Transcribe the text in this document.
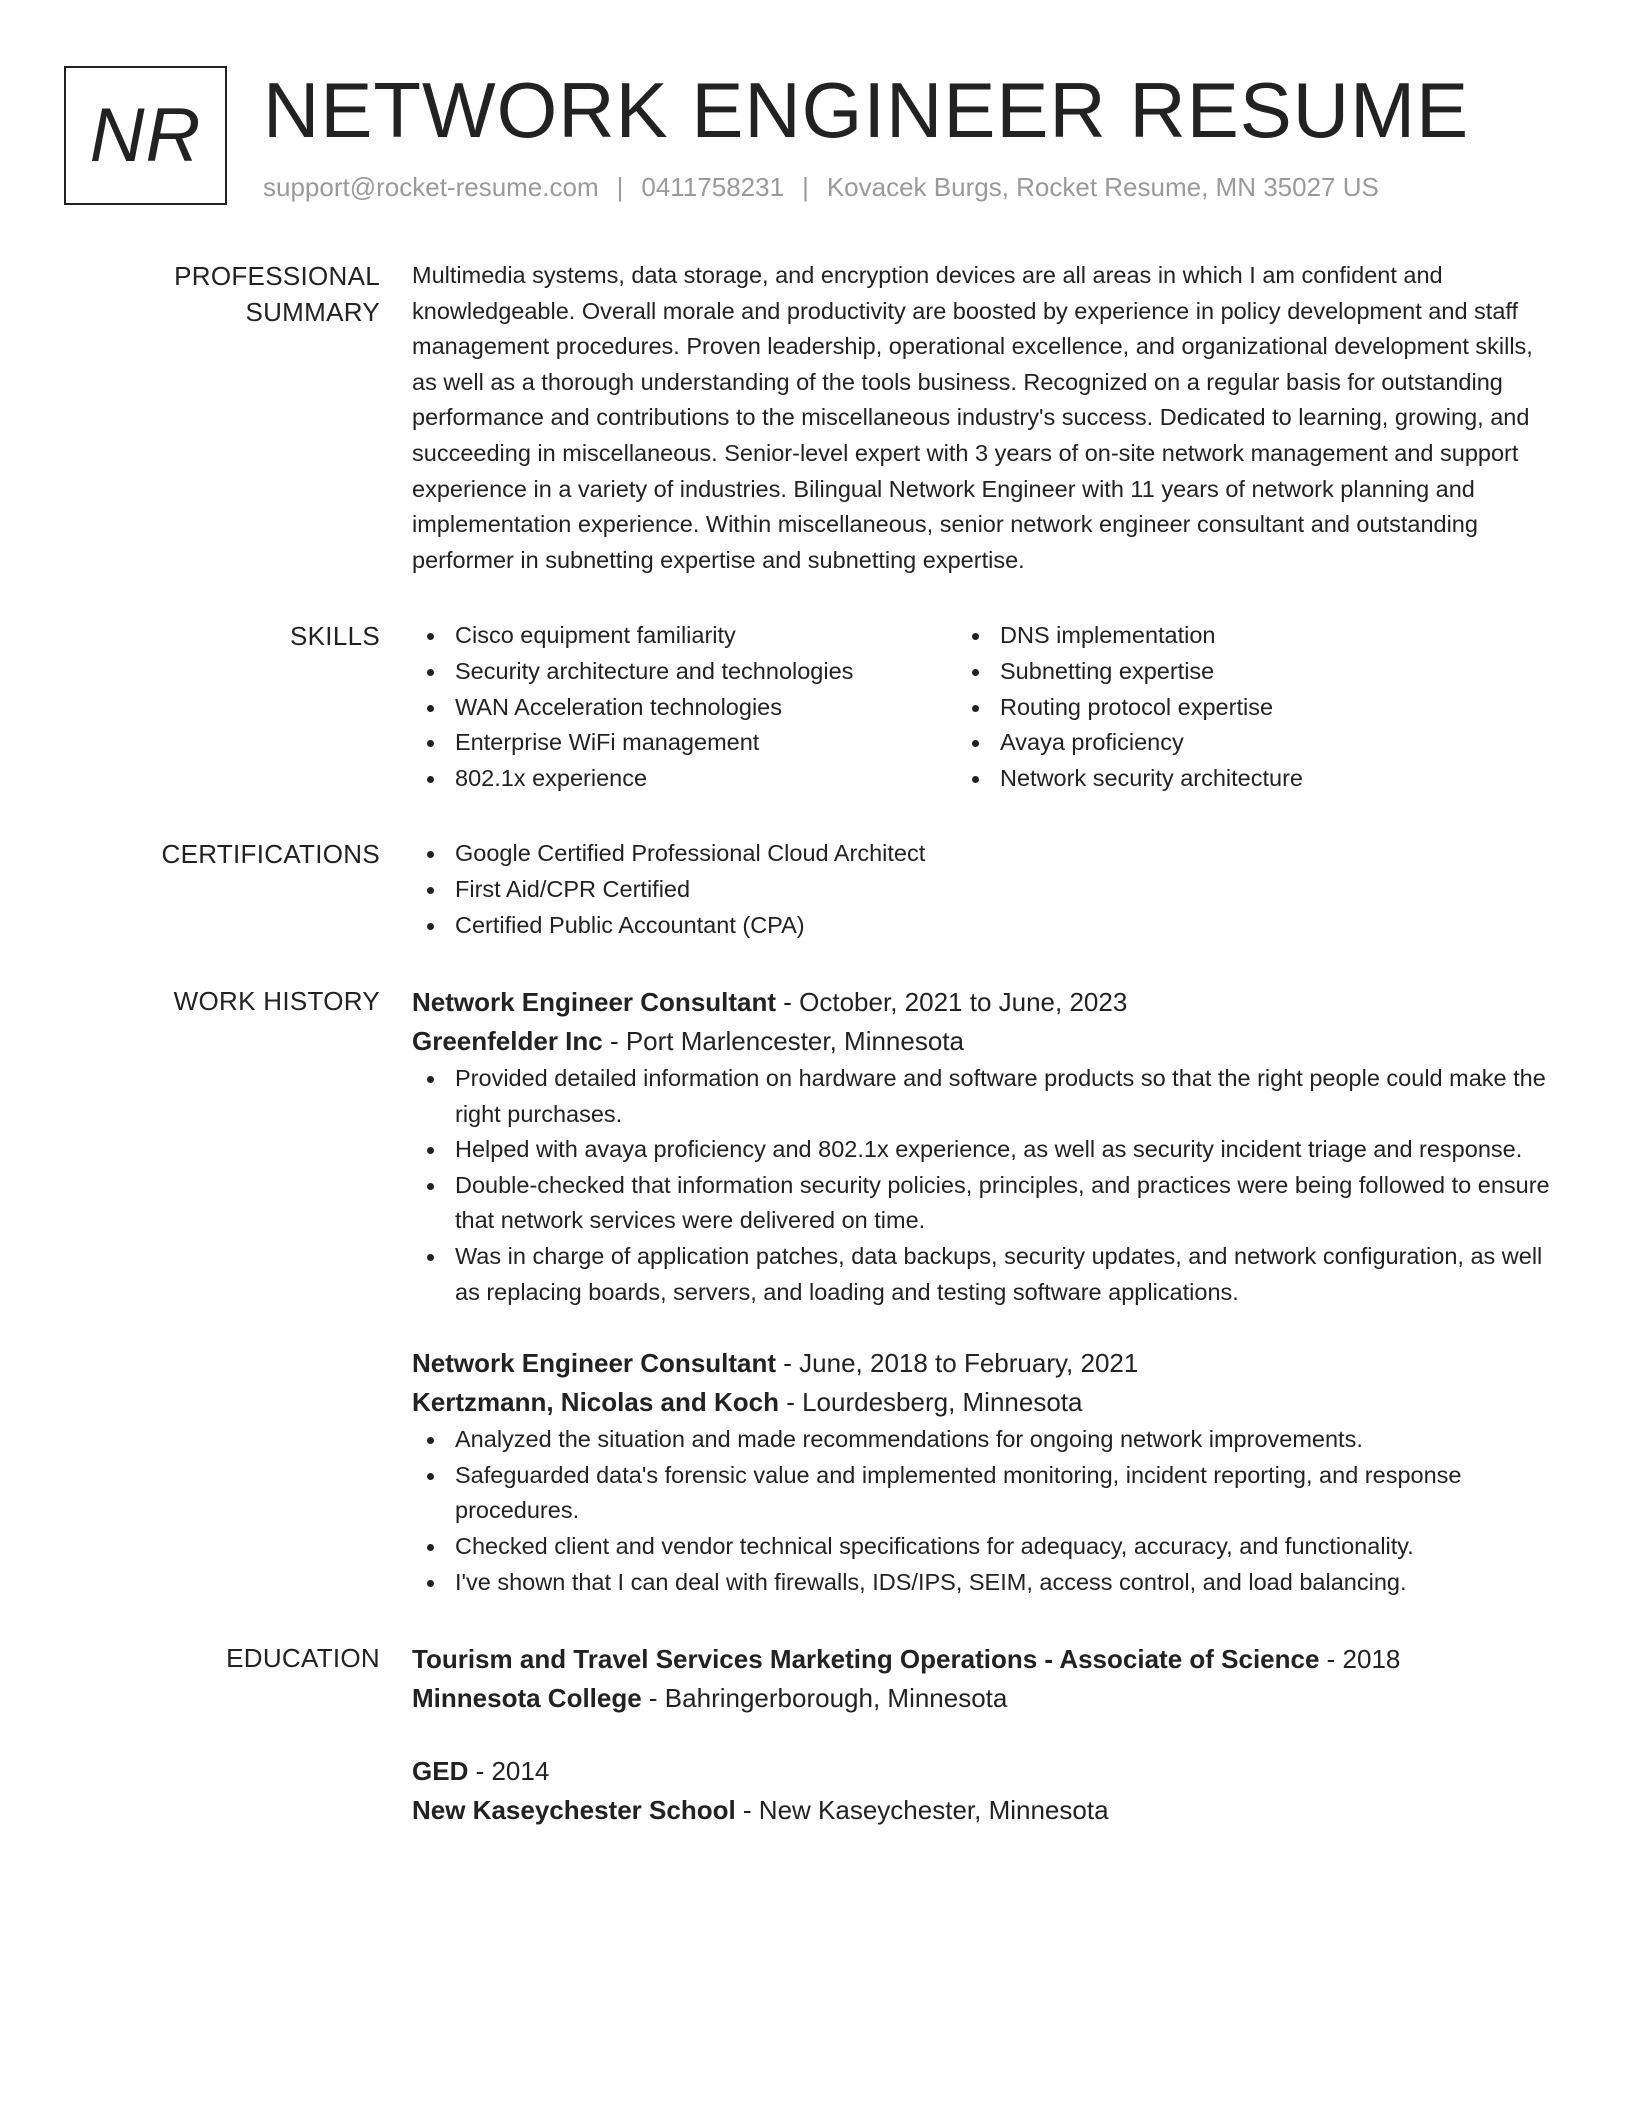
NR NETWORK ENGINEER RESUME
support@rocket-resume.com | 0411758231 | Kovacek Burgs, Rocket Resume, MN 35027 US
PROFESSIONAL SUMMARY

Multimedia systems, data storage, and encryption devices are all areas in which I am confident and knowledgeable. Overall morale and productivity are boosted by experience in policy development and staff management procedures. Proven leadership, operational excellence, and organizational development skills, as well as a thorough understanding of the tools business. Recognized on a regular basis for outstanding performance and contributions to the miscellaneous industry's success. Dedicated to learning, growing, and succeeding in miscellaneous. Senior-level expert with 3 years of on-site network management and support experience in a variety of industries. Bilingual Network Engineer with 11 years of network planning and implementation experience. Within miscellaneous, senior network engineer consultant and outstanding performer in subnetting expertise and subnetting expertise.

SKILLS	Cisco equipment familiarity
Security architecture and technologies
WAN Acceleration technologies
Enterprise WiFi management
802.1x experience
DNS implementation
Subnetting expertise
Routing protocol expertise
Avaya proficiency
Network security architecture
CERTIFICATIONS	Google Certified Professional Cloud Architect
First Aid/CPR Certified
Certified Public Accountant (CPA)
WORK HISTORY	Network Engineer Consultant - October, 2021 to June, 2023
Greenfelder Inc - Port Marlencester, Minnesota
Provided detailed information on hardware and software products so that the right people could make the right purchases.
Helped with avaya proficiency and 802.1x experience, as well as security incident triage and response.
Double-checked that information security policies, principles, and practices were being followed to ensure that network services were delivered on time.
Was in charge of application patches, data backups, security updates, and network configuration, as well as replacing boards, servers, and loading and testing software applications.
Network Engineer Consultant - June, 2018 to February, 2021
Kertzmann, Nicolas and Koch - Lourdesberg, Minnesota
Analyzed the situation and made recommendations for ongoing network improvements.
Safeguarded data's forensic value and implemented monitoring, incident reporting, and response procedures.
Checked client and vendor technical specifications for adequacy, accuracy, and functionality.
I've shown that I can deal with firewalls, IDS/IPS, SEIM, access control, and load balancing.
EDUCATION	Tourism and Travel Services Marketing Operations - Associate of Science - 2018
Minnesota College - Bahringerborough, Minnesota
GED - 2014
New Kaseychester School - New Kaseychester, Minnesota
